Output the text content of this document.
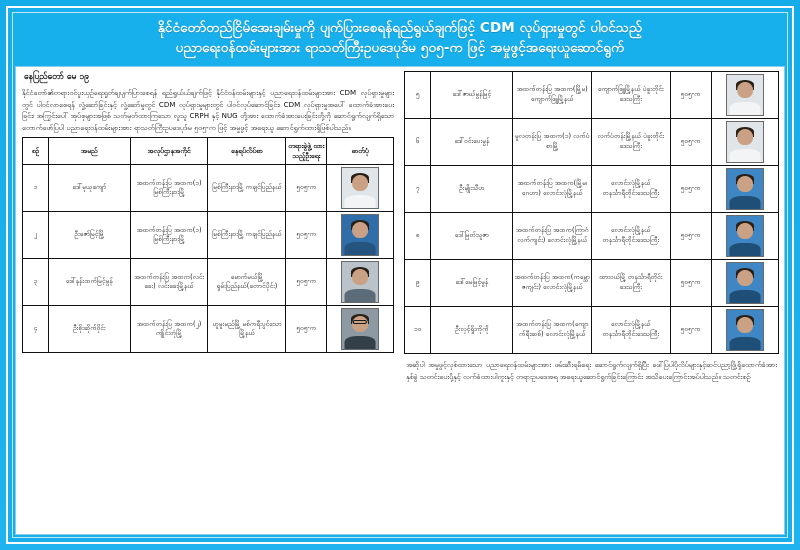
နိုင်ငံတော်တည်ငြိမ်အေးချမ်းမှုကို ပျက်ပြားစေရန်ရည်ရွယ်ချက်ဖြင့် CDM လုပ်ရှားမှုတွင် ပါဝင်သည့်
ပညာရေးဝန်ထမ်းများအား ရာသတ်ကြီးဥပဒေပုဒ်မ ၅၀၅-က ဖြင့် အမှုဖွင့်အရေးယူဆောင်ရွက်
နေပြည်တော် မေ ၁၉
နိုင်ငံတော်၏တရားဝင်ပူးယှဉ်ရေးရှုတ်ချပျက်ပြားစေရန် ရည်ရွယ်ယ်ချက်ဖြင့် နိုင်ငံဝန်ထမ်းများနှင့် ပညာရေးဝန်ထမ်းများအား CDM လုပ်ရှားမှုများတွင် ပါဝင်လာစေရန် လှုံ့ဆော်ခြင်းနှင့် လှုံ့ဆော်မှုတွင် CDM လုပ်ရှားမှုများတွင် ပါဝင်လုပ်ဆောင်ခြင်း၊ CDM လုပ်ရှားမှုအပေါ် ထောက်ခံအားပေးခြင်း၊ အကြွင်းပေါ် အုပ်စုများအဖြစ် သတ်မှတ်ထားကြသော လူသူ CRPH နှင့် NUG တို့အား ထောက်ခံအားပေးခြင်းတို့ကို ဆောင်ရွက်လျက်ရှိသော တောက်ဖော်ပြပါ ပညာရေးဝန်ထမ်းများအား ရာသတ်ကြီးဥပဒေပုဒ်မ ၅၀၅-က ဖြင့် အမှုဖွင့် အရေးယူ ဆောင်ရွက်ထားရှိဖြစ်ပါသည်။
စဉ်	အမည်	အလုပ်ဌာနအကိုင်	နေရပ်လိပ်စာ	တရားခွဲဖွဲ့ ထားသည့်ဦးရေး	ဓာတ်ပုံ
၁	ဒေါ်မုယုကျော်	အထက်တန်းပြ အထက(၁) မြစ်ကြီးနားမြို့	မြစ်ကြီးနားမြို့ ကချင်ပြည်နယ်	၅၀၅-က	

၂	ဦးဇော်မြင့်မြို့	အထက်တန်းပြ အထက(၁) မြစ်ကြီးနားမြို့	မြစ်ကြီးနားမြို့ ကချင်ပြည်နယ်	၅၀၅-က	

၃	ဒေါ်နန်းထက်မြင့်မွန်	အထက်တန်းပြ အထက(လင်းခေး) လင်းခေးမြို့နယ်	မောက်မယ်မြို့ ရှမ်းပြည်နယ်(တောင်ပိုင်း)	၅၀၅-က	

၄	ဦးစိုးဆိုက်ဝိုင်း	အထက်တန်းပြ အထက(၂) ကျိုင်းတုံမြို့	ဟူမူးမည်မြို့ မစ်ကရီးပွင်သောမြို့နယ်	၅၀၅-က	
၅	ဒေါ်ဇာဃ်မွန်မြင့်	အထက်တန်းပြ အထက(မြို့မ) ကျောက်ဖြူမြို့နယ်	ကျောက်ဖြူမြို့နယ် ပဲခူးတိုင်းဒေသကြီး	၅၀၅-က	

၆	ဒေါ်ဝင်းပေးမွန်	မူလတန်းပြ အထက(၁) လက်ပံစာမြို့	လက်ပံတန်းမြို့နယ် ပဲခူးတိုင်းဒေသကြီး	၅၀၅-က	

၇	ဦးမျိုးသီဟ	အထက်တန်းပြ အထက(မြို့မ၊ဂေဟာ) လောင်းလုံမြို့နယ်	လောင်းလုံမြို့နယ် တနင်္သာရီတိုင်းဒေသကြီး	၅၀၅-က	

၈	ဒေါ်မြတ်သူဇာ	အထက်တန်းပြ အထက(ကြာဂံလက်ကျင်း) လောင်းလုံမြို့နယ်	လောင်းလုံမြို့နယ် တနင်္သာရီတိုင်းဒေသကြီး	၅၀၅-က	

၉	ဒေါ်မေမြင့်မွန်	အထက်တန်းပြ အထက(ကမ္ဘောဇကျင်း) လောင်းလုံမြို့နယ်	ထားဝယ်မြို့ တနင်္သာရီတိုင်းဒေသကြီး	၅၀၅-က	

၁၀	ဦးလှင့်ရှိုးကိုကို	အထက်တန်းပြ အထက(ကျောက်ရီးဆစ်) လောင်းလုံမြို့နယ်	လောင်းလုံမြို့နယ် တနင်္သာရီတိုင်းဒေသကြီး	၅၀၅-က	
အဆိုပါ အမှုဖွင့်လှစ်ထားသော ပညာရေးဝန်ထမ်းများအား ဖမ်းဆီးရမိရေး ဆောင်ရွက်လျက်ရှိပြီး ဖေါ်ပြပါပိုလိပ်များနှင့်ဆင်ပညာ့ဖြို့ရှိထောက်ခံအားနှစ်ခွဲ သတင်းပေးပို့နှင့် လက်ခံထားပါကူးနှင့် တရားဥပဒေအရ အရေးယူဆောင်ရွက်ခြင်းကြောင်း အသိပေးကြောင်းအပ်ပါသည်။ သတင်းစဉ်
